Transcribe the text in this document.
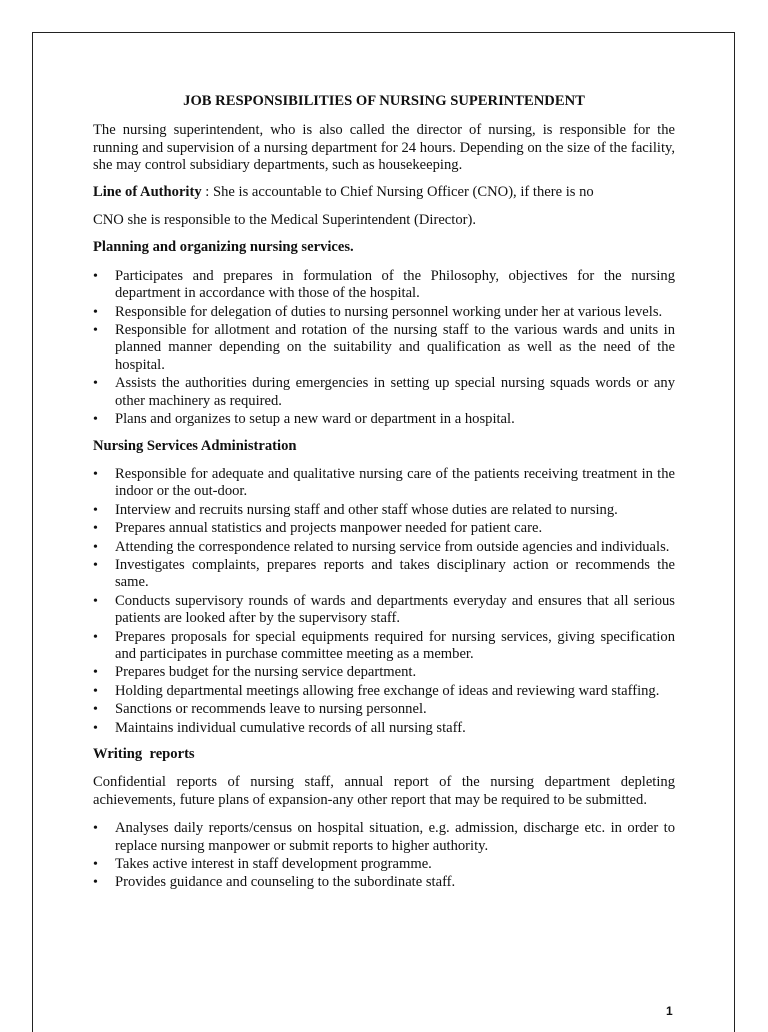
JOB RESPONSIBILITIES OF NURSING SUPERINTENDENT

The nursing superintendent, who is also called the director of nursing, is responsible for the running and supervision of a nursing department for 24 hours. Depending on the size of the facility, she may control subsidiary departments, such as housekeeping.

Line of Authority : She is accountable to Chief Nursing Officer (CNO), if there is no

CNO she is responsible to the Medical Superintendent (Director).

Planning and organizing nursing services.
• Participates and prepares in formulation of the Philosophy, objectives for the nursing department in accordance with those of the hospital.
• Responsible for delegation of duties to nursing personnel working under her at various levels.
• Responsible for allotment and rotation of the nursing staff to the various wards and units in planned manner depending on the suitability and qualification as well as the need of the hospital.
• Assists the authorities during emergencies in setting up special nursing squads words or any other machinery as required.
• Plans and organizes to setup a new ward or department in a hospital.
Nursing Services Administration
• Responsible for adequate and qualitative nursing care of the patients receiving treatment in the indoor or the out-door.
• Interview and recruits nursing staff and other staff whose duties are related to nursing.
• Prepares annual statistics and projects manpower needed for patient care.
• Attending the correspondence related to nursing service from outside agencies and individuals.
• Investigates complaints, prepares reports and takes disciplinary action or recommends the same.
• Conducts supervisory rounds of wards and departments everyday and ensures that all serious patients are looked after by the supervisory staff.
• Prepares proposals for special equipments required for nursing services, giving specification and participates in purchase committee meeting as a member.
• Prepares budget for the nursing service department.
• Holding departmental meetings allowing free exchange of ideas and reviewing ward staffing.
• Sanctions or recommends leave to nursing personnel.
• Maintains individual cumulative records of all nursing staff.
Writing  reports

Confidential reports of nursing staff, annual report of the nursing department depleting achievements, future plans of expansion-any other report that may be required to be submitted.

• Analyses daily reports/census on hospital situation, e.g. admission, discharge etc. in order to replace nursing manpower or submit reports to higher authority.
• Takes active interest in staff development programme.
• Provides guidance and counseling to the subordinate staff.
1
